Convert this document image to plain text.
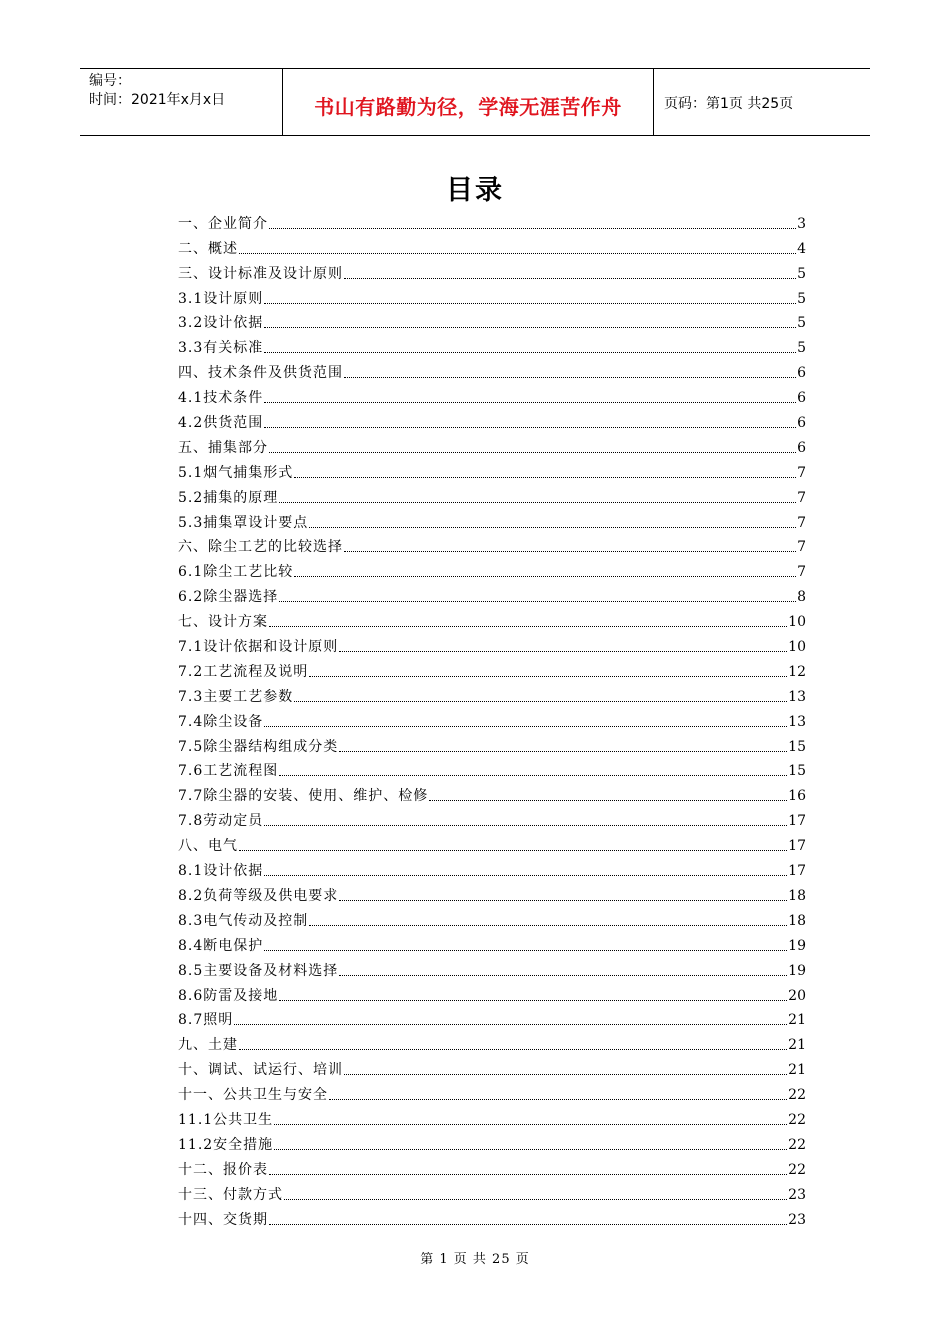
编号：
时间：2021年x月x日	书山有路勤为径，学海无涯苦作舟	页码：第1页 共25页
目录
一、企业简介	3
二、概述	4
三、设计标准及设计原则	5
3.1设计原则	5
3.2设计依据	5
3.3有关标准	5
四、技术条件及供货范围	6
4.1技术条件	6
4.2供货范围	6
五、捕集部分	6
5.1烟气捕集形式	7
5.2捕集的原理	7
5.3捕集罩设计要点	7
六、除尘工艺的比较选择	7
6.1除尘工艺比较	7
6.2除尘器选择	8
七、设计方案	10
7.1设计依据和设计原则	10
7.2工艺流程及说明	12
7.3主要工艺参数	13
7.4除尘设备	13
7.5除尘器结构组成分类	15
7.6工艺流程图	15
7.7除尘器的安装、使用、维护、检修	16
7.8劳动定员	17
八、电气	17
8.1设计依据	17
8.2负荷等级及供电要求	18
8.3电气传动及控制	18
8.4断电保护	19
8.5主要设备及材料选择	19
8.6防雷及接地	20
8.7照明	21
九、土建	21
十、调试、试运行、培训	21
十一、公共卫生与安全	22
11.1公共卫生	22
11.2安全措施	22
十二、报价表	22
十三、付款方式	23
十四、交货期	23
第 1 页 共 25 页
